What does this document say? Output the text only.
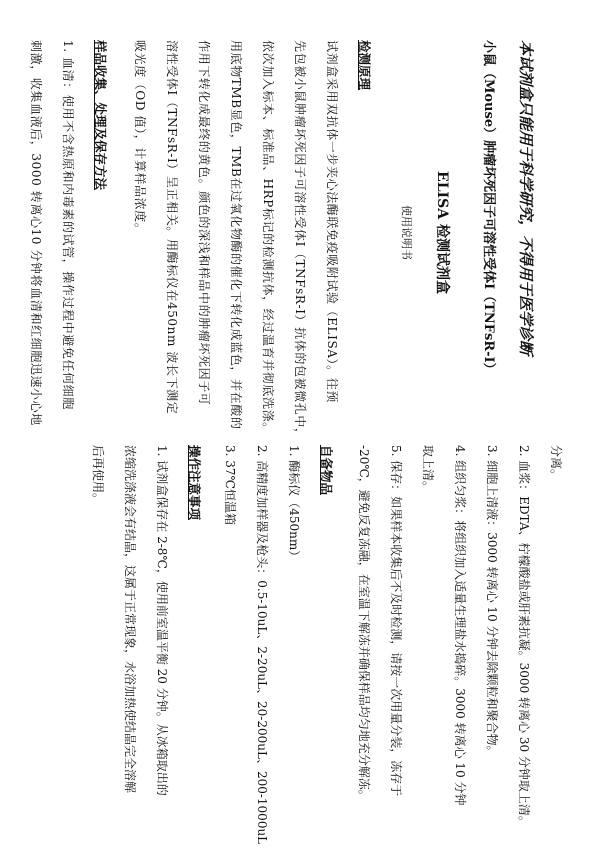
本试剂盒只能用于科学研究，不得用于医学诊断
小鼠（Mouse）肿瘤坏死因子可溶性受体Ⅰ（TNFsR-Ⅰ）
ELISA 检测试剂盒
使用说明书
检测原理
试剂盒采用双抗体一步夹心法酶联免疫吸附试验（ELISA）。往预
先包被小鼠肿瘤坏死因子可溶性受体Ⅰ（TNFsR-Ⅰ）抗体的包被微孔中，
依次加入标本、标准品、HRP标记的检测抗体，经过温育并彻底洗涤。
用底物TMB显色，TMB在过氧化物酶的催化下转化成蓝色，并在酸的
作用下转化成最终的黄色。颜色的深浅和样品中的肿瘤坏死因子可
溶性受体Ⅰ（TNFsR-Ⅰ）呈正相关。用酶标仪在450nm 波长下测定
吸光度（OD 值），计算样品浓度。
样品收集、处理及保存方法
1. 血清：使用不含热原和内毒素的试管，操作过程中避免任何细胞
刺激，收集血液后，3000 转离心10 分钟将血清和红细胞迅速小心地
分离。
2. 血浆：EDTA、柠檬酸盐或肝素抗凝。3000 转离心 30 分钟取上清。
3. 细胞上清液：3000 转离心 10 分钟去除颗粒和聚合物。
4. 组织匀浆：将组织加入适量生理盐水捣碎。3000 转离心 10 分钟
取上清。
5. 保存：如果样本收集后不及时检测，请按一次用量分装，冻存于
-20℃，避免反复冻融，在室温下解冻并确保样品均匀地充分解冻。
自备物品
1. 酶标仪（450nm）
2. 高精度加样器及枪头：0.5-10uL、2-20uL、20-200uL、200-1000uL
3. 37℃恒温箱
操作注意事项
1. 试剂盒保存在 2-8℃，使用前室温平衡 20 分钟。从冰箱取出的
浓缩洗涤液会有结晶，这属于正常现象，水浴加热使结晶完全溶解
后再使用。
